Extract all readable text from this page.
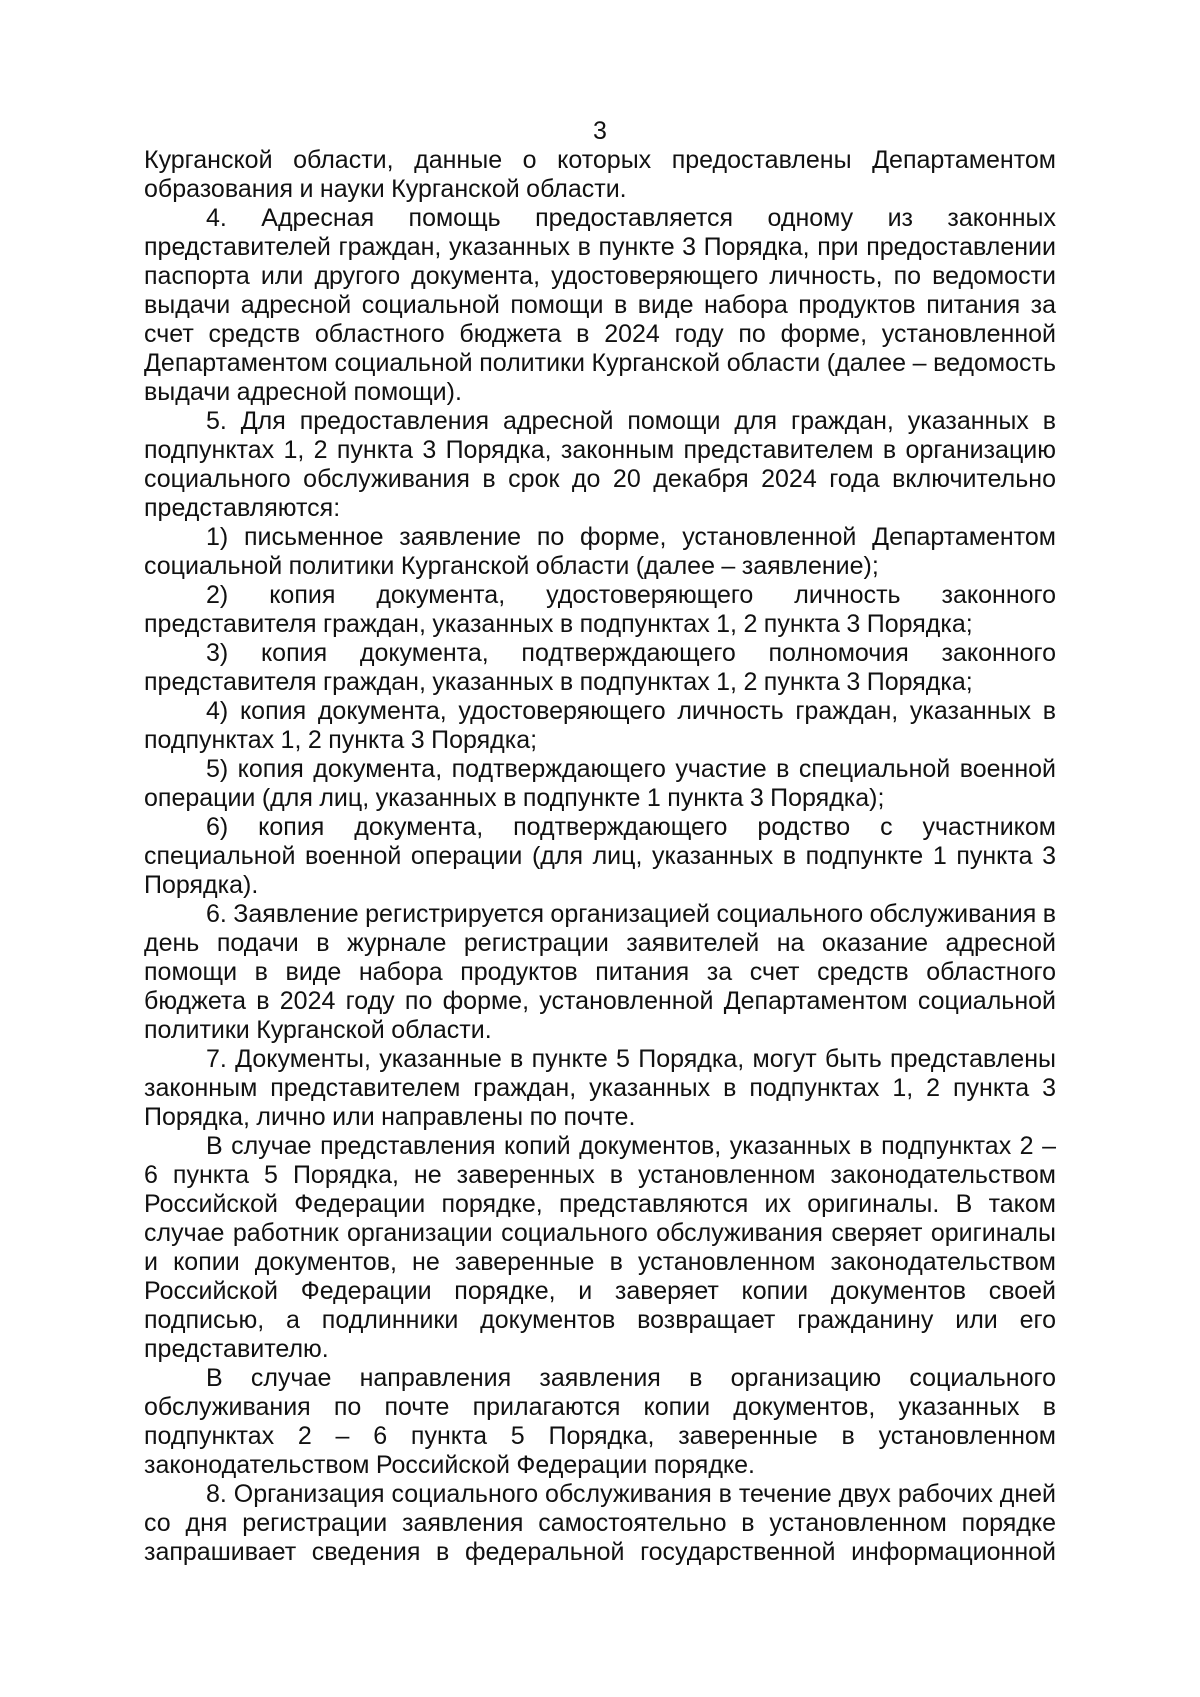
3

Курганской области, данные о которых предоставлены Департаментом образования и науки Курганской области.

4. Адресная помощь предоставляется одному из законных представителей граждан, указанных в пункте 3 Порядка, при предоставлении паспорта или другого документа, удостоверяющего личность, по ведомости выдачи адресной социальной помощи в виде набора продуктов питания за счет средств областного бюджета в 2024 году по форме, установленной Департаментом социальной политики Курганской области (далее – ведомость выдачи адресной помощи).

5. Для предоставления адресной помощи для граждан, указанных в подпунктах 1, 2 пункта 3 Порядка, законным представителем в организацию социального обслуживания в срок до 20 декабря 2024 года включительно представляются:

1) письменное заявление по форме, установленной Департаментом социальной политики Курганской области (далее – заявление);

2) копия документа, удостоверяющего личность законного представителя граждан, указанных в подпунктах 1, 2 пункта 3 Порядка;

3) копия документа, подтверждающего полномочия законного представителя граждан, указанных в подпунктах 1, 2 пункта 3 Порядка;

4) копия документа, удостоверяющего личность граждан, указанных в подпунктах 1, 2 пункта 3 Порядка;

5) копия документа, подтверждающего участие в специальной военной операции (для лиц, указанных в подпункте 1 пункта 3 Порядка);

6) копия документа, подтверждающего родство с участником специальной военной операции (для лиц, указанных в подпункте 1 пункта 3 Порядка).

6. Заявление регистрируется организацией социального обслуживания в день подачи в журнале регистрации заявителей на оказание адресной помощи в виде набора продуктов питания за счет средств областного бюджета в 2024 году по форме, установленной Департаментом социальной политики Курганской области.

7. Документы, указанные в пункте 5 Порядка, могут быть представлены законным представителем граждан, указанных в подпунктах 1, 2 пункта 3 Порядка, лично или направлены по почте.

В случае представления копий документов, указанных в подпунктах 2 – 6 пункта 5 Порядка, не заверенных в установленном законодательством Российской Федерации порядке, представляются их оригиналы. В таком случае работник организации социального обслуживания сверяет оригиналы и копии документов, не заверенные в установленном законодательством Российской Федерации порядке, и заверяет копии документов своей подписью, а подлинники документов возвращает гражданину или его представителю.

В случае направления заявления в организацию социального обслуживания по почте прилагаются копии документов, указанных в подпунктах 2 – 6 пункта 5 Порядка, заверенные в установленном законодательством Российской Федерации порядке.

8. Организация социального обслуживания в течение двух рабочих дней со дня регистрации заявления самостоятельно в установленном порядке запрашивает сведения в федеральной государственной информационной
